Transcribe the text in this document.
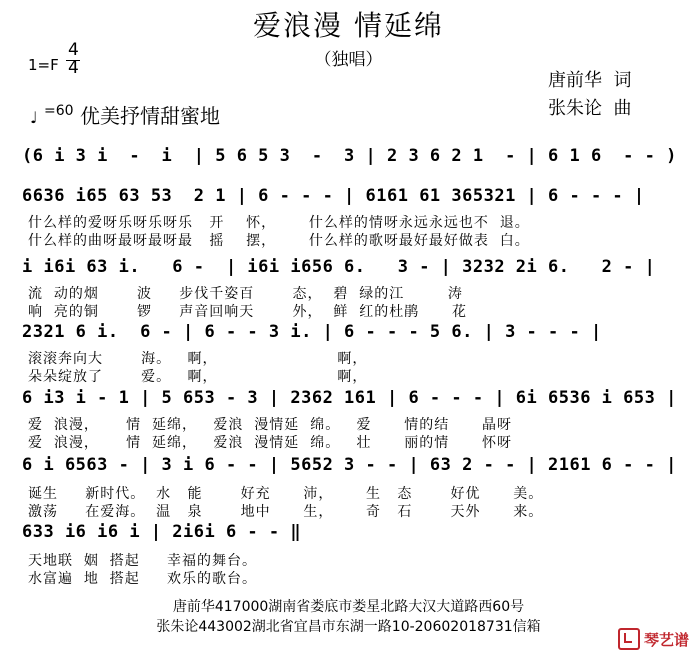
爱浪漫 情延绵
（独唱）
1=F
4
4
唐前华  词
张朱论  曲
♩ =60 优美抒情甜蜜地
(6 i 3 i  -  i  | 5 6 5 3  -  3 | 2 3 6 2 1  - | 6 1 6  - - )
6636 i65 63 53  2 1 | 6 - - - | 6161 61 365321 | 6 - - - |
什么样的爱呀乐呀乐呀乐   开    怀，      什么样的情呀永远永远也不  退。
什么样的曲呀最呀最呀最   摇    摆，      什么样的歌呀最好最好做表  白。
i i6i 63 i.   6 -  | i6i i656 6.   3 - | 3232 2i 6.   2 - |
流  动的烟       波     步伐千姿百       态，  碧  绿的江        涛
响  亮的铜       锣     声音回响天       外，  鲜  红的杜鹃      花
2321 6 i.  6 - | 6 - - 3 i. | 6 - - - 5 6. | 3 - - - |
滚滚奔向大       海。   啊，                      啊，
朵朵绽放了       爱。   啊，                      啊，
6 i3 i - 1 | 5 653 - 3 | 2362 161 | 6 - - - | 6i 6536 i 653 |
爱  浪漫，     情  延绵，   爱浪  漫情延  绵。   爱      情的结      晶呀
爱  浪漫，     情  延绵，   爱浪  漫情延  绵。   壮      丽的情      怀呀
6 i 6563 - | 3 i 6 - - | 5652 3 - - | 63 2 - - | 2161 6 - - |
诞生     新时代。  水   能       好充      沛，      生   态       好优      美。
激荡     在爱海。  温   泉       地中      生，      奇   石       天外      来。
633 i6 i6 i | 2i6i 6 - - ‖
天地联  姻  搭起     幸福的舞台。
水富遍  地  搭起     欢乐的歌台。
唐前华417000湖南省娄底市娄星北路大汉大道路西60号
张朱论443002湖北省宜昌市东湖一路10-20602018731信箱
琴艺谱
